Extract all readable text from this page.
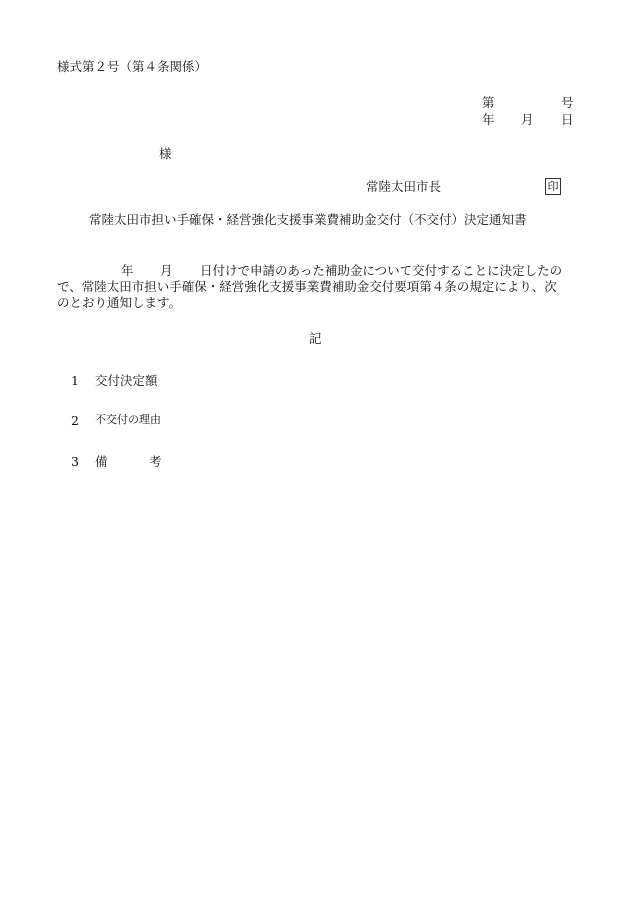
様式第２号（第４条関係）
第	号
年 月 日
様
常陸太田市長	印
常陸太田市担い手確保・経営強化支援事業費補助金交付（不交付）決定通知書
年 月 日付けで申請のあった補助金について交付することに決定したの
で、常陸太田市担い手確保・経営強化支援事業費補助金交付要項第４条の規定により、次
のとおり通知します。
記
1 交付決定額
2 不交付の理由
3 備	考
